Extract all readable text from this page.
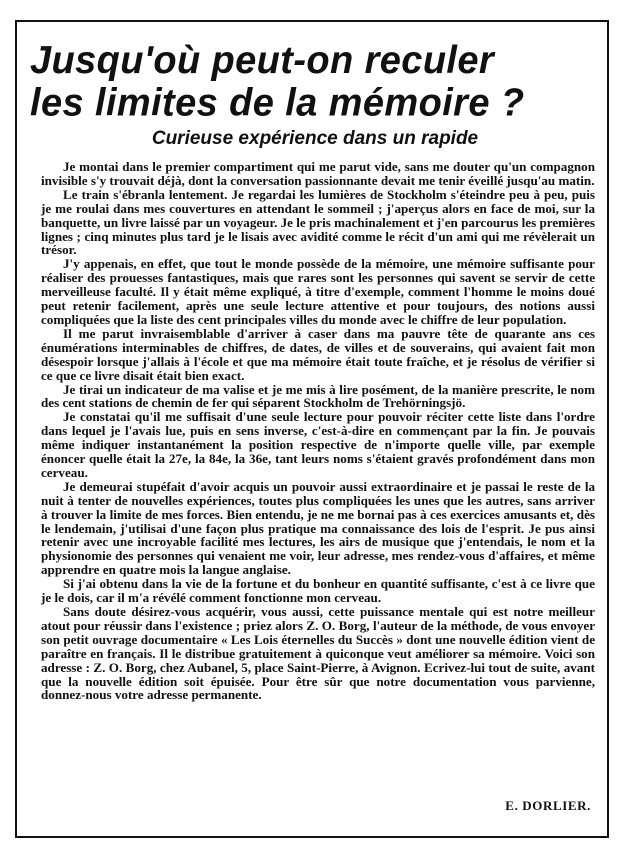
Jusqu'où peut-on reculer
les limites de la mémoire ?
Curieuse expérience dans un rapide

Je montai dans le premier compartiment qui me parut vide, sans me douter qu'un compagnon invisible s'y trouvait déjà, dont la conversation passionnante devait me tenir éveillé jusqu'au matin.

Le train s'ébranla lentement. Je regardai les lumières de Stockholm s'éteindre peu à peu, puis je me roulai dans mes couvertures en attendant le sommeil ; j'aperçus alors en face de moi, sur la banquette, un livre laissé par un voyageur. Je le pris machinalement et j'en parcourus les premières lignes ; cinq minutes plus tard je le lisais avec avidité comme le récit d'un ami qui me révèlerait un trésor.

J'y appenais, en effet, que tout le monde possède de la mémoire, une mémoire suffisante pour réaliser des prouesses fantastiques, mais que rares sont les personnes qui savent se servir de cette merveilleuse faculté. Il y était même expliqué, à titre d'exemple, comment l'homme le moins doué peut retenir facilement, après une seule lecture attentive et pour toujours, des notions aussi compliquées que la liste des cent principales villes du monde avec le chiffre de leur population.

Il me parut invraisemblable d'arriver à caser dans ma pauvre tête de quarante ans ces énumérations interminables de chiffres, de dates, de villes et de souverains, qui avaient fait mon désespoir lorsque j'allais à l'école et que ma mémoire était toute fraîche, et je résolus de vérifier si ce que ce livre disait était bien exact.

Je tirai un indicateur de ma valise et je me mis à lire posément, de la manière prescrite, le nom des cent stations de chemin de fer qui séparent Stockholm de Trehörningsjö.

Je constatai qu'il me suffisait d'une seule lecture pour pouvoir réciter cette liste dans l'ordre dans lequel je l'avais lue, puis en sens inverse, c'est-à-dire en commençant par la fin. Je pouvais même indiquer instantanément la position respective de n'importe quelle ville, par exemple énoncer quelle était la 27e, la 84e, la 36e, tant leurs noms s'étaient gravés profondément dans mon cerveau.

Je demeurai stupéfait d'avoir acquis un pouvoir aussi extraordinaire et je passai le reste de la nuit à tenter de nouvelles expériences, toutes plus compliquées les unes que les autres, sans arriver à trouver la limite de mes forces. Bien entendu, je ne me bornai pas à ces exercices amusants et, dès le lendemain, j'utilisai d'une façon plus pratique ma connaissance des lois de l'esprit. Je pus ainsi retenir avec une incroyable facilité mes lectures, les airs de musique que j'entendais, le nom et la physionomie des personnes qui venaient me voir, leur adresse, mes rendez-vous d'affaires, et même apprendre en quatre mois la langue anglaise.

Si j'ai obtenu dans la vie de la fortune et du bonheur en quantité suffisante, c'est à ce livre que je le dois, car il m'a révélé comment fonctionne mon cerveau.

Sans doute désirez-vous acquérir, vous aussi, cette puissance mentale qui est notre meilleur atout pour réussir dans l'existence ; priez alors Z. O. Borg, l'auteur de la méthode, de vous envoyer son petit ouvrage documentaire « Les Lois éternelles du Succès » dont une nouvelle édition vient de paraître en français. Il le distribue gratuitement à quiconque veut améliorer sa mémoire. Voici son adresse : Z. O. Borg, chez Aubanel, 5, place Saint-Pierre, à Avignon. Ecrivez-lui tout de suite, avant que la nouvelle édition soit épuisée. Pour être sûr que notre documentation vous parvienne, donnez-nous votre adresse permanente.

E. DORLIER.
